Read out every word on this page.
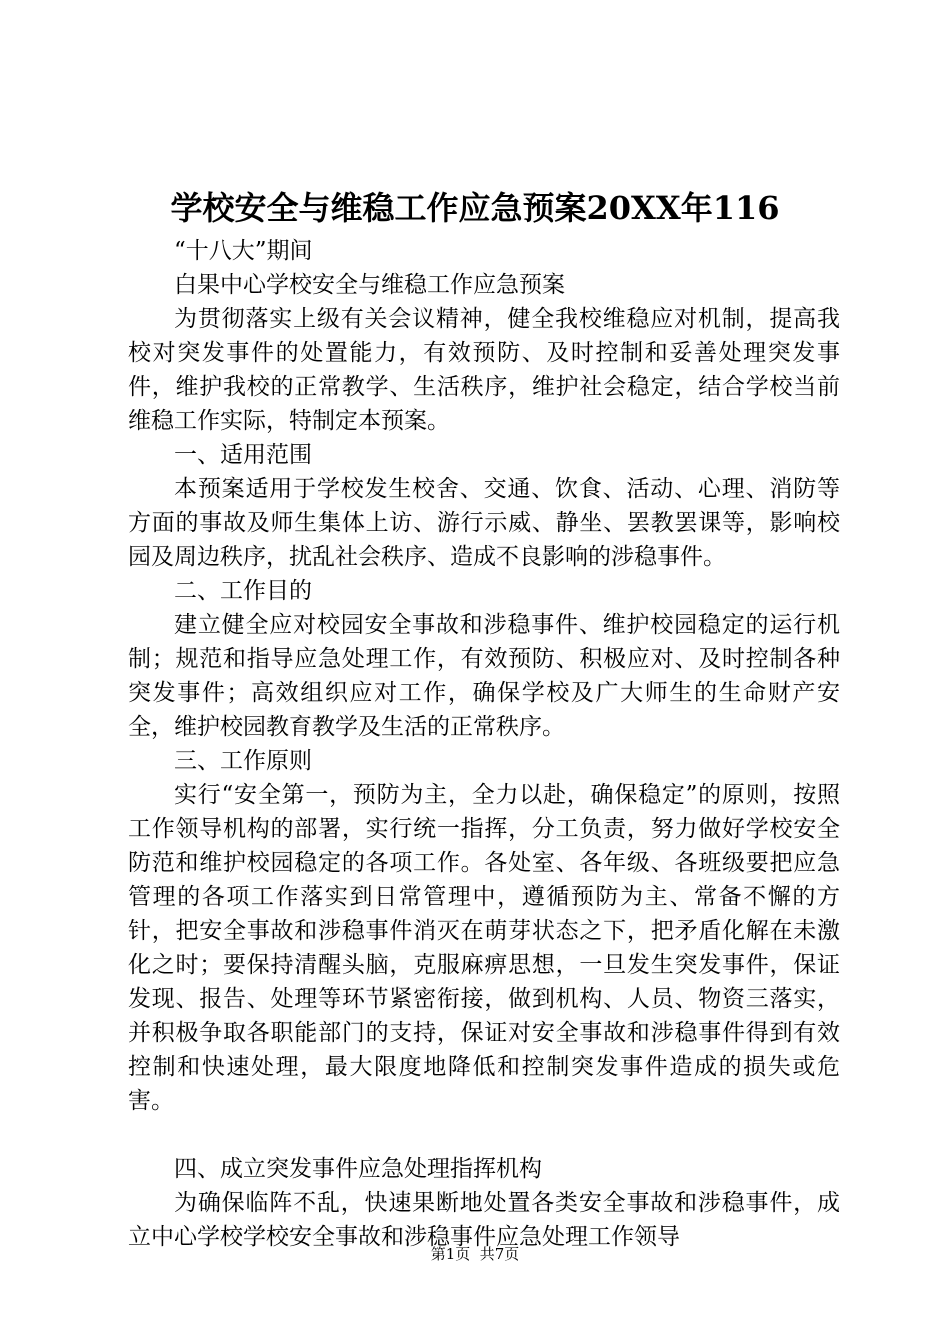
学校安全与维稳工作应急预案20XX年116

“十八大”期间

白果中心学校安全与维稳工作应急预案

为贯彻落实上级有关会议精神，健全我校维稳应对机制，提高我校对突发事件的处置能力，有效预防、及时控制和妥善处理突发事件，维护我校的正常教学、生活秩序，维护社会稳定，结合学校当前维稳工作实际，特制定本预案。

一、适用范围

本预案适用于学校发生校舍、交通、饮食、活动、心理、消防等方面的事故及师生集体上访、游行示威、静坐、罢教罢课等，影响校园及周边秩序，扰乱社会秩序、造成不良影响的涉稳事件。

二、工作目的

建立健全应对校园安全事故和涉稳事件、维护校园稳定的运行机制；规范和指导应急处理工作，有效预防、积极应对、及时控制各种突发事件；高效组织应对工作，确保学校及广大师生的生命财产安全，维护校园教育教学及生活的正常秩序。

三、工作原则

实行“安全第一，预防为主，全力以赴，确保稳定”的原则，按照工作领导机构的部署，实行统一指挥，分工负责，努力做好学校安全防范和维护校园稳定的各项工作。各处室、各年级、各班级要把应急管理的各项工作落实到日常管理中，遵循预防为主、常备不懈的方针，把安全事故和涉稳事件消灭在萌芽状态之下，把矛盾化解在未激化之时；要保持清醒头脑，克服麻痹思想，一旦发生突发事件，保证发现、报告、处理等环节紧密衔接，做到机构、人员、物资三落实，并积极争取各职能部门的支持，保证对安全事故和涉稳事件得到有效控制和快速处理，最大限度地降低和控制突发事件造成的损失或危害。

四、成立突发事件应急处理指挥机构

为确保临阵不乱，快速果断地处置各类安全事故和涉稳事件，成立中心学校学校安全事故和涉稳事件应急处理工作领导

第1页  共7页
